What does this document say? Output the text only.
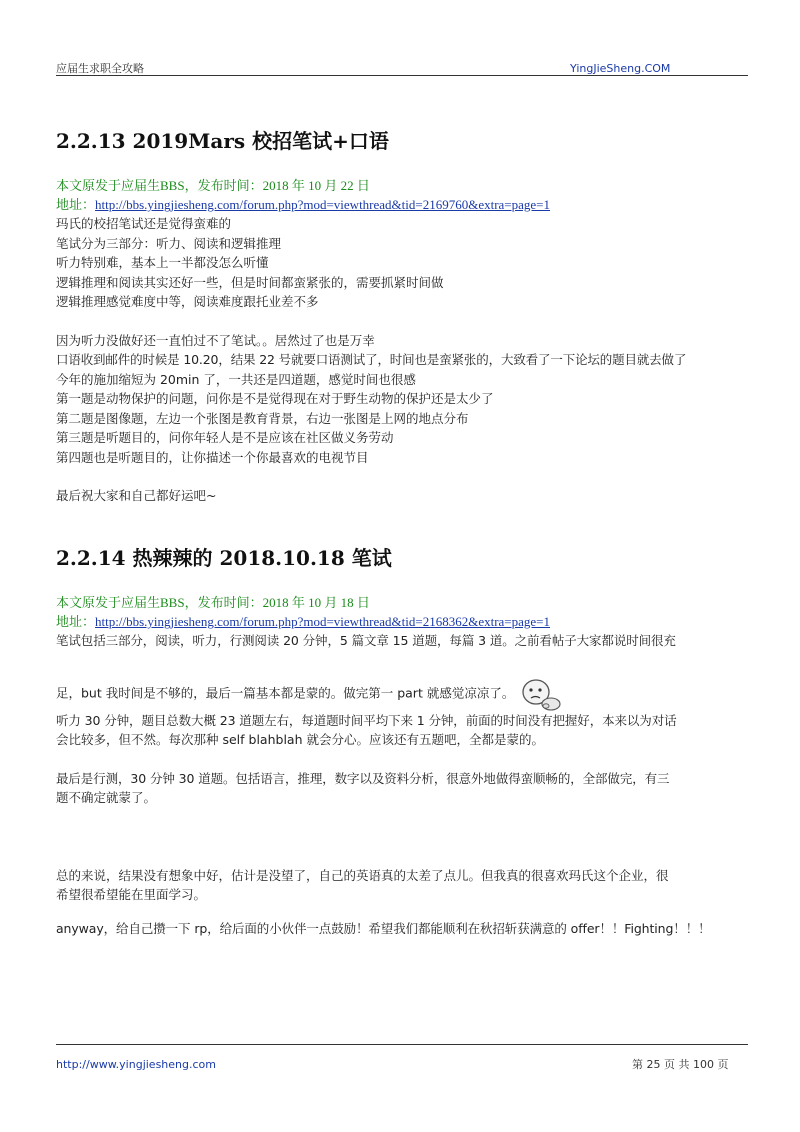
应届生求职全攻略	YingJieSheng.COM
2.2.13 2019Mars 校招笔试+口语
本文原发于应届生BBS，发布时间：2018 年 10 月 22 日
地址：http://bbs.yingjiesheng.com/forum.php?mod=viewthread&tid=2169760&extra=page=1

玛氏的校招笔试还是觉得蛮难的

笔试分为三部分：听力、阅读和逻辑推理

听力特别难，基本上一半都没怎么听懂

逻辑推理和阅读其实还好一些，但是时间都蛮紧张的，需要抓紧时间做

逻辑推理感觉难度中等，阅读难度跟托业差不多

因为听力没做好还一直怕过不了笔试。。居然过了也是万幸

口语收到邮件的时候是 10.20，结果 22 号就要口语测试了，时间也是蛮紧张的，大致看了一下论坛的题目就去做了

今年的施加缩短为 20min 了，一共还是四道题，感觉时间也很感

第一题是动物保护的问题，问你是不是觉得现在对于野生动物的保护还是太少了

第二题是图像题，左边一个张图是教育背景，右边一张图是上网的地点分布

第三题是听题目的，问你年轻人是不是应该在社区做义务劳动

第四题也是听题目的，让你描述一个你最喜欢的电视节目

最后祝大家和自己都好运吧~

2.2.14 热辣辣的 2018.10.18 笔试
本文原发于应届生BBS，发布时间：2018 年 10 月 18 日
地址：http://bbs.yingjiesheng.com/forum.php?mod=viewthread&tid=2168362&extra=page=1

笔试包括三部分，阅读，听力，行测阅读 20 分钟，5 篇文章 15 道题，每篇 3 道。之前看帖子大家都说时间很充

足，but 我时间是不够的，最后一篇基本都是蒙的。做完第一 part 就感觉凉凉了。

听力 30 分钟，题目总数大概 23 道题左右，每道题时间平均下来 1 分钟，前面的时间没有把握好，本来以为对话

会比较多，但不然。每次那种 self blahblah 就会分心。应该还有五题吧，全都是蒙的。

最后是行测，30 分钟 30 道题。包括语言，推理，数字以及资料分析，很意外地做得蛮顺畅的，全部做完，有三

题不确定就蒙了。

总的来说，结果没有想象中好，估计是没望了，自己的英语真的太差了点儿。但我真的很喜欢玛氏这个企业，很

希望很希望能在里面学习。

anyway，给自己攒一下 rp，给后面的小伙伴一点鼓励！希望我们都能顺利在秋招斩获满意的 offer！！Fighting！！！

http://www.yingjiesheng.com	第 25 页 共 100 页
